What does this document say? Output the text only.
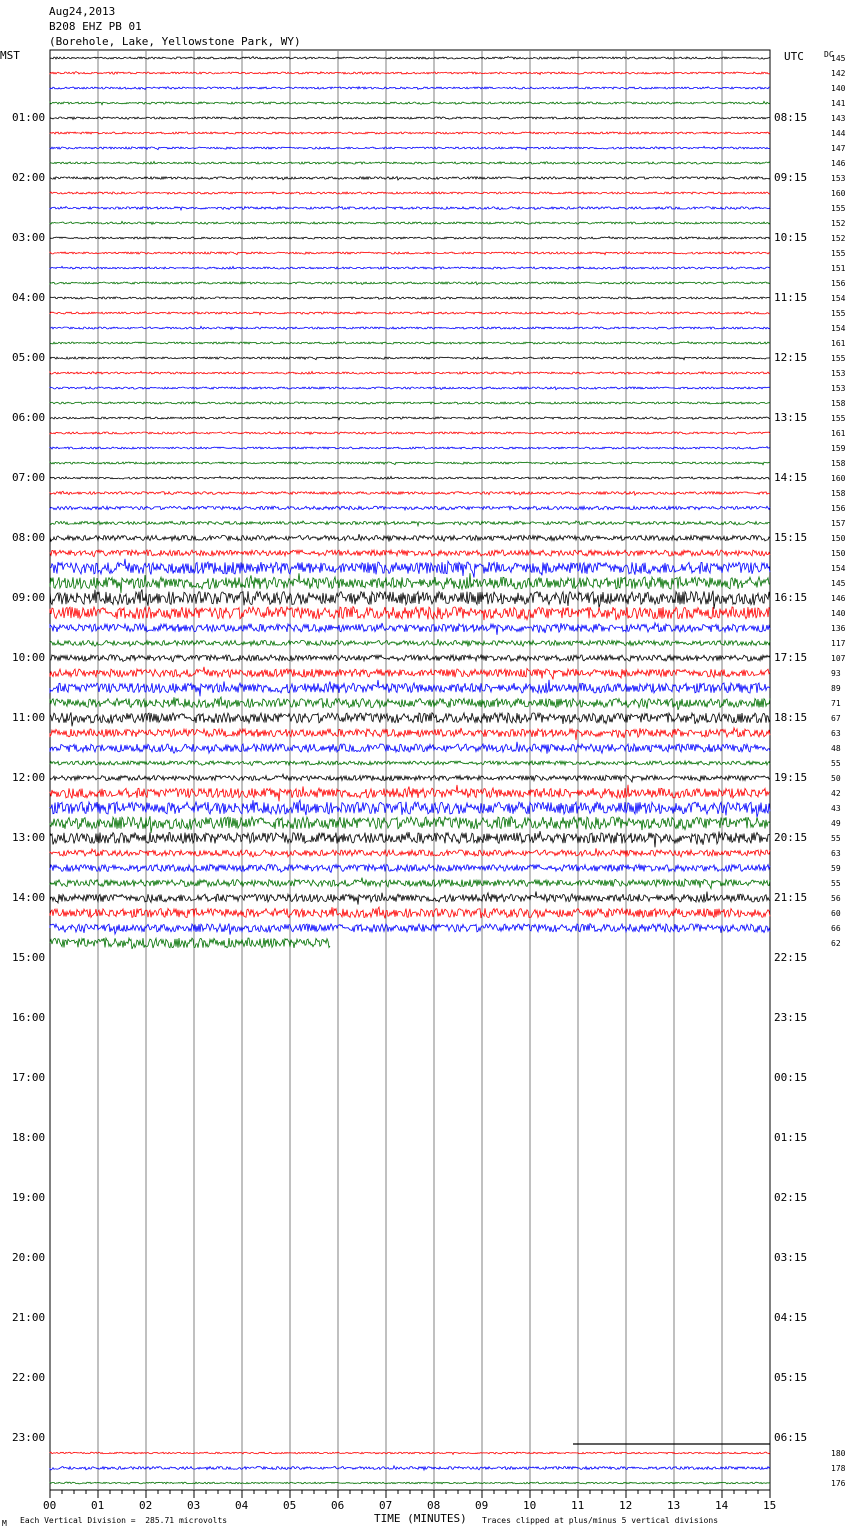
Aug24,2013
B208 EHZ PB 01
(Borehole, Lake, Yellowstone Park, WY)
MST	UTC	DC
M Each Vertical Division =  285.71 microvolts	TIME (MINUTES) Traces clipped at plus/minus 5 vertical divisions
145
142
140
141
143
144
147
146
153
160
155
152
152
155
151
156
154
155
154
161
155
153
153
158
155
161
159
158
160
158
156
157
150
150
154
145
146
140
136
117
107
93
89
71
67
63
48
55
50
42
43
49
55
63
59
55
56
60
66
62
180
178
176
01:00	08:15
02:00	09:15
03:00	10:15
04:00	11:15
05:00	12:15
06:00	13:15
07:00	14:15
08:00	15:15
09:00	16:15
10:00	17:15
11:00	18:15
12:00	19:15
13:00	20:15
14:00	21:15
15:00	22:15
16:00	23:15
17:00	00:15
18:00	01:15
19:00	02:15
20:00	03:15
21:00	04:15
22:00	05:15
23:00	06:15
00	01	02	03	04	05	06	07	08	09	10	11	12	13	14	15
